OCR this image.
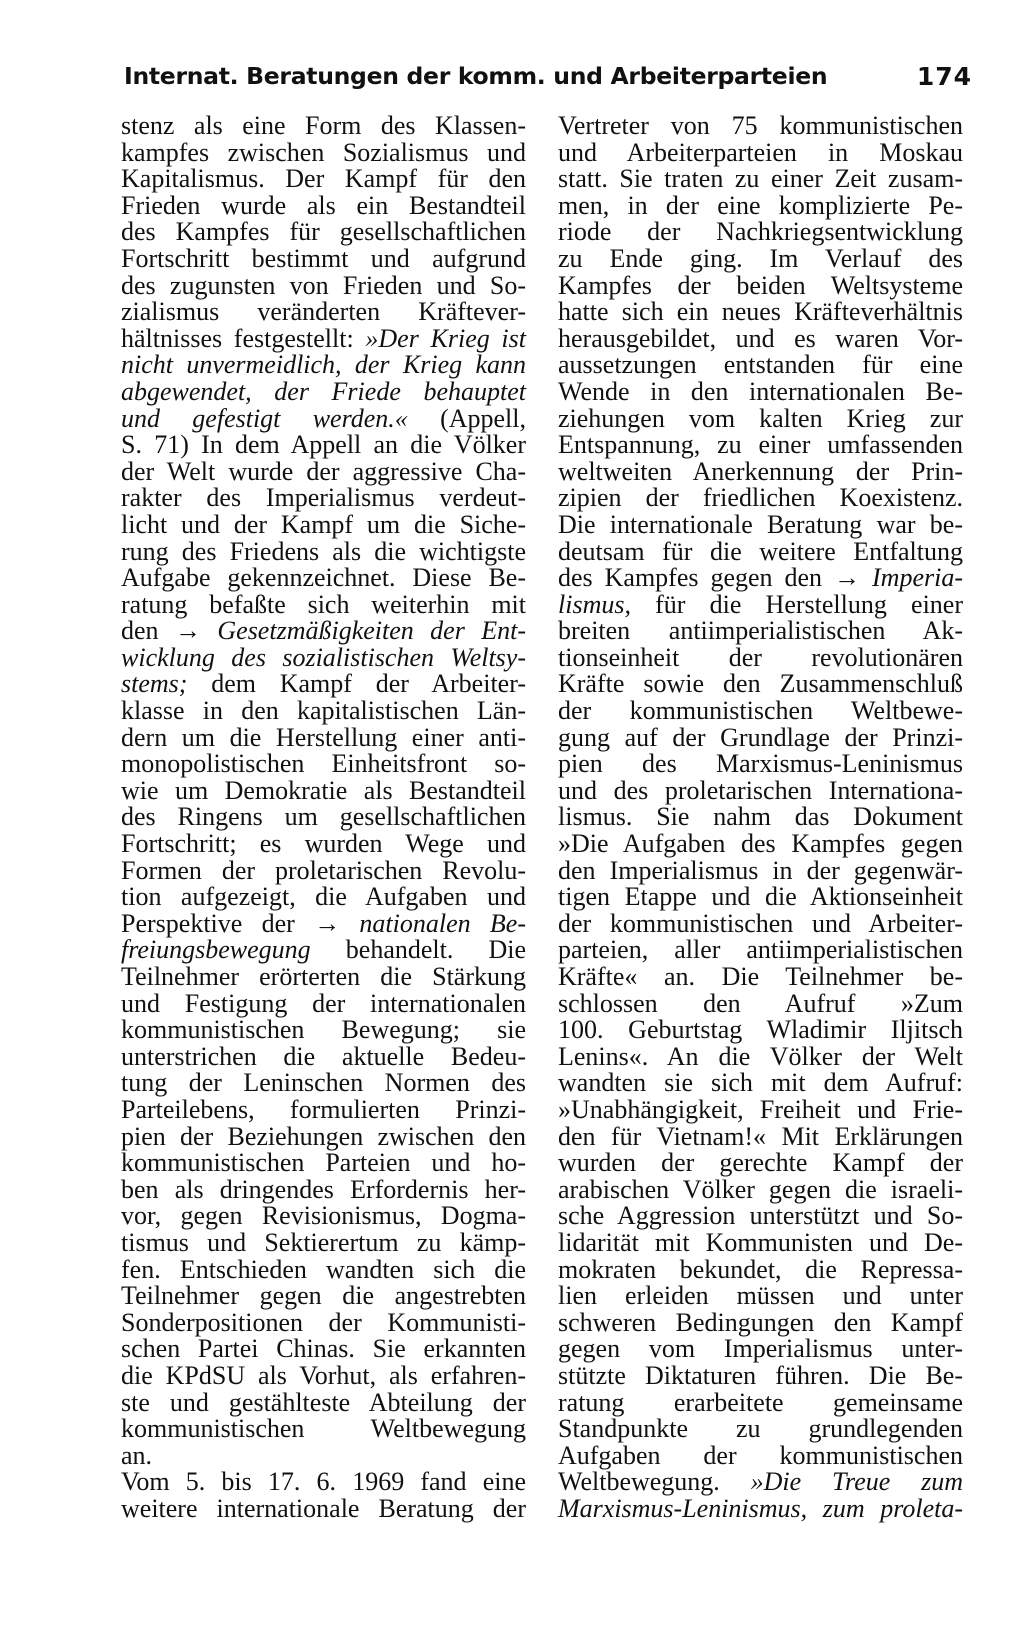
Internat. Beratungen der komm. und Arbeiterparteien	174
stenz als eine Form des Klassen-
kampfes zwischen Sozialismus und
Kapitalismus. Der Kampf für den
Frieden wurde als ein Bestandteil
des Kampfes für gesellschaftlichen
Fortschritt bestimmt und aufgrund
des zugunsten von Frieden und So-
zialismus veränderten Kräftever-
hältnisses festgestellt: »Der Krieg ist
nicht unvermeidlich, der Krieg kann
abgewendet, der Friede behauptet
und gefestigt werden.« (Appell,
S. 71) In dem Appell an die Völker
der Welt wurde der aggressive Cha-
rakter des Imperialismus verdeut-
licht und der Kampf um die Siche-
rung des Friedens als die wichtigste
Aufgabe gekennzeichnet. Diese Be-
ratung befaßte sich weiterhin mit
den → Gesetzmäßigkeiten der Ent-
wicklung des sozialistischen Weltsy-
stems; dem Kampf der Arbeiter-
klasse in den kapitalistischen Län-
dern um die Herstellung einer anti-
monopolistischen Einheitsfront so-
wie um Demokratie als Bestandteil
des Ringens um gesellschaftlichen
Fortschritt; es wurden Wege und
Formen der proletarischen Revolu-
tion aufgezeigt, die Aufgaben und
Perspektive der → nationalen Be-
freiungsbewegung behandelt. Die
Teilnehmer erörterten die Stärkung
und Festigung der internationalen
kommunistischen Bewegung; sie
unterstrichen die aktuelle Bedeu-
tung der Leninschen Normen des
Parteilebens, formulierten Prinzi-
pien der Beziehungen zwischen den
kommunistischen Parteien und ho-
ben als dringendes Erfordernis her-
vor, gegen Revisionismus, Dogma-
tismus und Sektierertum zu kämp-
fen. Entschieden wandten sich die
Teilnehmer gegen die angestrebten
Sonderpositionen der Kommunisti-
schen Partei Chinas. Sie erkannten
die KPdSU als Vorhut, als erfahren-
ste und gestählteste Abteilung der
kommunistischen Weltbewegung
an.
Vom 5. bis 17. 6. 1969 fand eine
weitere internationale Beratung der
Vertreter von 75 kommunistischen
und Arbeiterparteien in Moskau
statt. Sie traten zu einer Zeit zusam-
men, in der eine komplizierte Pe-
riode der Nachkriegsentwicklung
zu Ende ging. Im Verlauf des
Kampfes der beiden Weltsysteme
hatte sich ein neues Kräfteverhältnis
herausgebildet, und es waren Vor-
aussetzungen entstanden für eine
Wende in den internationalen Be-
ziehungen vom kalten Krieg zur
Entspannung, zu einer umfassenden
weltweiten Anerkennung der Prin-
zipien der friedlichen Koexistenz.
Die internationale Beratung war be-
deutsam für die weitere Entfaltung
des Kampfes gegen den → Imperia-
lismus, für die Herstellung einer
breiten antiimperialistischen Ak-
tionseinheit der revolutionären
Kräfte sowie den Zusammenschluß
der kommunistischen Weltbewe-
gung auf der Grundlage der Prinzi-
pien des Marxismus-Leninismus
und des proletarischen Internationa-
lismus. Sie nahm das Dokument
»Die Aufgaben des Kampfes gegen
den Imperialismus in der gegenwär-
tigen Etappe und die Aktionseinheit
der kommunistischen und Arbeiter-
parteien, aller antiimperialistischen
Kräfte« an. Die Teilnehmer be-
schlossen den Aufruf »Zum
100. Geburtstag Wladimir Iljitsch
Lenins«. An die Völker der Welt
wandten sie sich mit dem Aufruf:
»Unabhängigkeit, Freiheit und Frie-
den für Vietnam!« Mit Erklärungen
wurden der gerechte Kampf der
arabischen Völker gegen die israeli-
sche Aggression unterstützt und So-
lidarität mit Kommunisten und De-
mokraten bekundet, die Repressa-
lien erleiden müssen und unter
schweren Bedingungen den Kampf
gegen vom Imperialismus unter-
stützte Diktaturen führen. Die Be-
ratung erarbeitete gemeinsame
Standpunkte zu grundlegenden
Aufgaben der kommunistischen
Weltbewegung. »Die Treue zum
Marxismus-Leninismus, zum proleta-
